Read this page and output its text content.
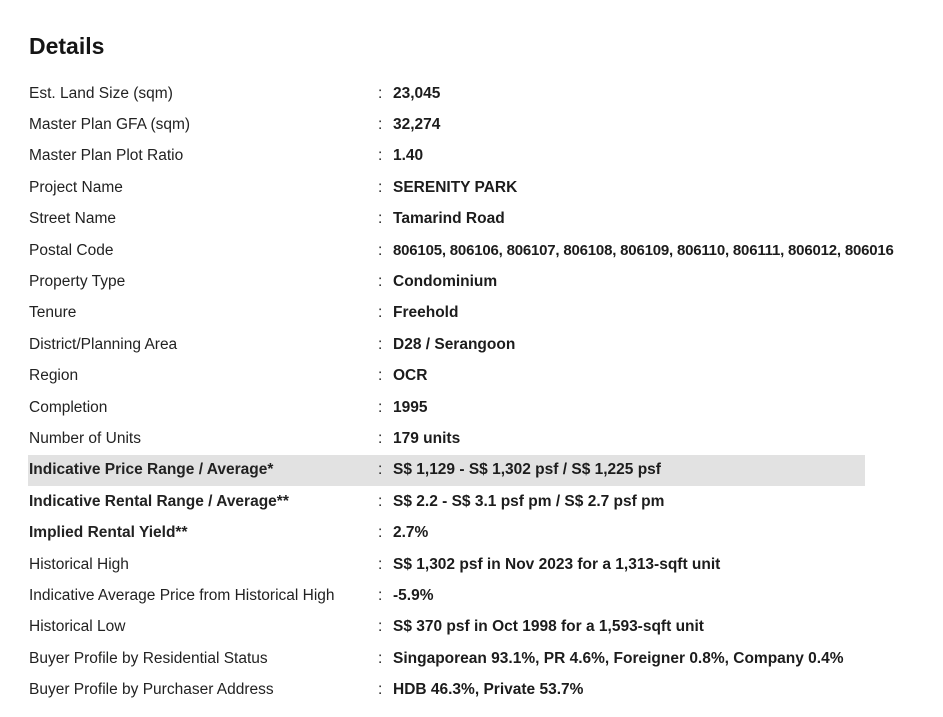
Details
Est. Land Size (sqm)	: 23,045
Master Plan GFA (sqm)	: 32,274
Master Plan Plot Ratio	: 1.40
Project Name	: SERENITY PARK
Street Name	: Tamarind Road
Postal Code	: 806105, 806106, 806107, 806108, 806109, 806110, 806111, 806012, 806016
Property Type	: Condominium
Tenure	: Freehold
District/Planning Area	: D28 / Serangoon
Region	: OCR
Completion	: 1995
Number of Units	: 179 units
Indicative Price Range / Average*	: S$ 1,129 - S$ 1,302 psf / S$ 1,225 psf
Indicative Rental Range / Average**	: S$ 2.2 - S$ 3.1 psf pm / S$ 2.7 psf pm
Implied Rental Yield**	: 2.7%
Historical High	: S$ 1,302 psf in Nov 2023 for a 1,313-sqft unit
Indicative Average Price from Historical High	: -5.9%
Historical Low	: S$ 370 psf in Oct 1998 for a 1,593-sqft unit
Buyer Profile by Residential Status	: Singaporean 93.1%, PR 4.6%, Foreigner 0.8%, Company 0.4%
Buyer Profile by Purchaser Address	: HDB 46.3%, Private 53.7%
